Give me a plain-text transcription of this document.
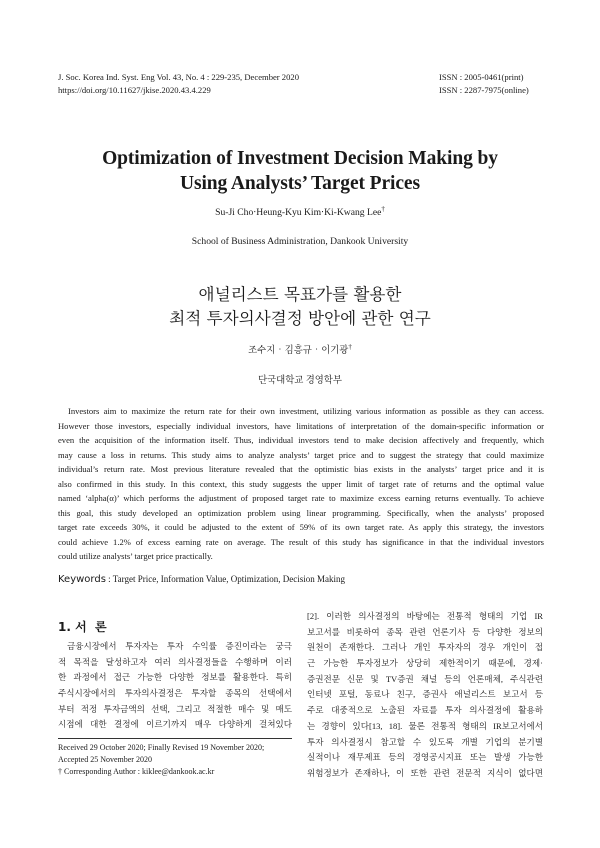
J. Soc. Korea Ind. Syst. Eng Vol. 43, No. 4 : 229-235, December 2020
https://doi.org/10.11627/jkise.2020.43.4.229
ISSN : 2005-0461(print)
ISSN : 2287-7975(online)
Optimization of Investment Decision Making by
Using Analysts’ Target Prices
Su-Ji Cho‧Heung-Kyu Kim‧Ki-Kwang Lee†
School of Business Administration, Dankook University
애널리스트 목표가를 활용한
최적 투자의사결정 방안에 관한 연구
조수지‧김흥규‧이기광†
단국대학교 경영학부
Investors aim to maximize the return rate for their own investment, utilizing various information as possible as they can access.
However those investors, especially individual investors, have limitations of interpretation of the domain-specific information or
even the acquisition of the information itself. Thus, individual investors tend to make decision affectively and frequently, which
may cause a loss in returns. This study aims to analyze analysts’ target price and to suggest the strategy that could maximize
individual’s return rate. Most previous literature revealed that the optimistic bias exists in the analysts’ target price and it is
also confirmed in this study. In this context, this study suggests the upper limit of target rate of returns and the optimal value
named ‘alpha(α)’ which performs the adjustment of proposed target rate to maximize excess earning returns eventually. To achieve
this goal, this study developed an optimization problem using linear programming. Specifically, when the analysts’ proposed
target rate exceeds 30%, it could be adjusted to the extent of 59% of its own target rate. As apply this strategy, the investors
could achieve 1.2% of excess earning rate on average. The result of this study has significance in that the individual investors
could utilize analysts’ target price practically.
Keywords : Target Price, Information Value, Optimization, Decision Making
1. 서  론
금융시장에서 투자자는 투자 수익률 증진이라는 궁극
적 목적을 달성하고자 여러 의사결정들을 수행하며 이러
한 과정에서 접근 가능한 다양한 정보를 활용한다. 특히
주식시장에서의 투자의사결정은 투자할 종목의 선택에서
부터 적정 투자금액의 선택, 그리고 적절한 매수 및 매도
시점에 대한 결정에 이르기까지 매우 다양하게 걸쳐있다
Received 29 October 2020; Finally Revised 19 November 2020;
Accepted 25 November 2020
† Corresponding Author : kiklee@dankook.ac.kr
[2]. 이러한 의사결정의 바탕에는 전통적 형태의 기업 IR
보고서를 비롯하여 종목 관련 언론기사 등 다양한 정보의
원천이 존재한다. 그러나 개인 투자자의 경우 개인이 접
근 가능한 투자정보가 상당히 제한적이기 때문에, 경제·
증권전문 신문 및 TV증권 채널 등의 언론매체, 주식관련
인터넷 포털, 동료나 친구, 증권사 애널리스트 보고서 등
주로 대중적으로 노출된 자료를 투자 의사결정에 활용하
는 경향이 있다[13, 18]. 물론 전통적 형태의 IR보고서에서
투자 의사결정시 참고할 수 있도록 개별 기업의 분기별
실적이나 재무제표 등의 경영공시지표 또는 발생 가능한
위험정보가 존재하나, 이 또한 관련 전문적 지식이 없다면
